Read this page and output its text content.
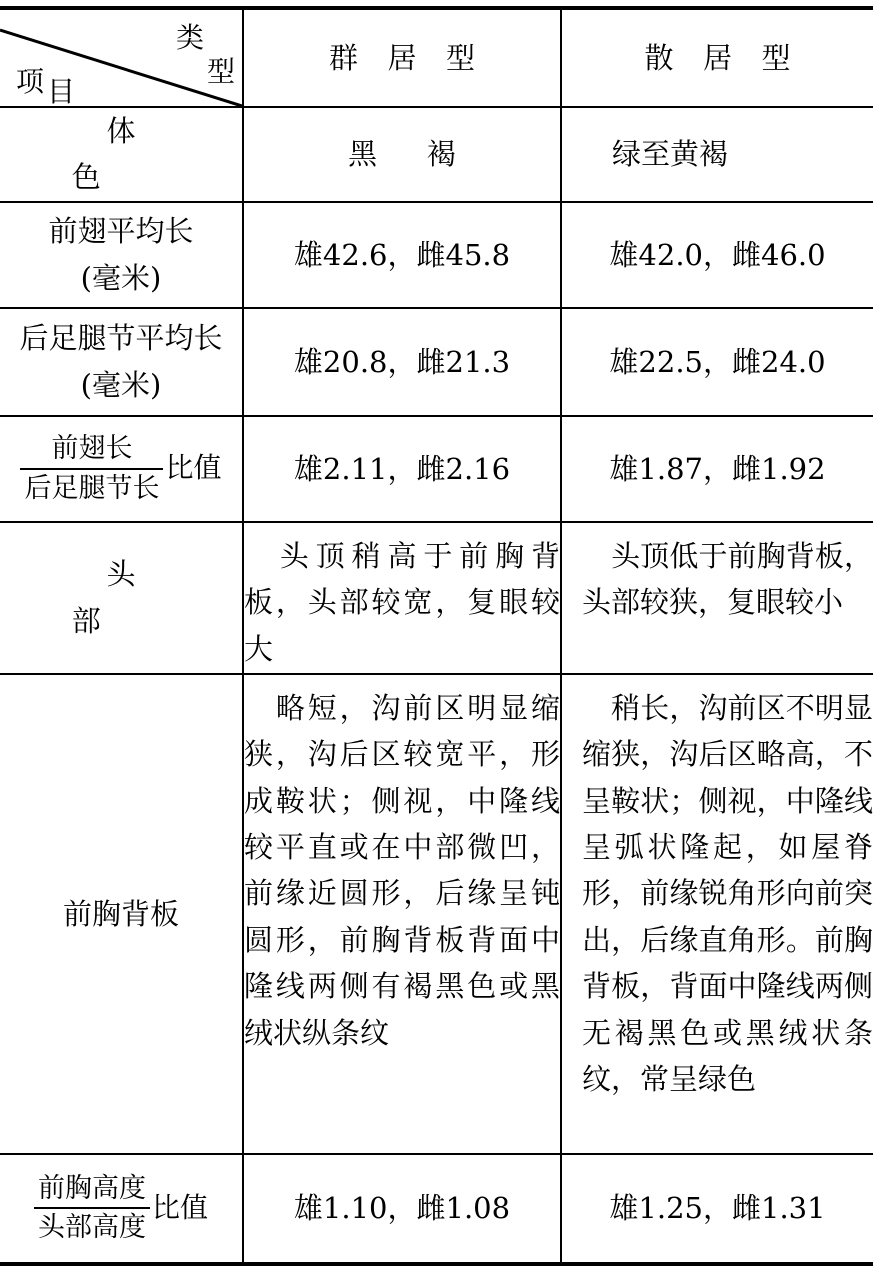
类
型
项 目	群 居 型	散 居 型
体色	黑 褐	绿至黄褐

前翅平均长
(毫米)	雄42.6，雌45.8	雄42.0，雌46.0

后足腿节平均长
(毫米)	雄20.8，雌21.3	雄22.5，雌24.0

$\frac{\text{前翅长}}{\text{后足腿节长}}$ 比值	雄2.11，雌2.16	雄1.87，雌1.92
头部	头顶稍高于前胸背板，头部较宽，复眼较大	头顶低于前胸背板，头部较狭，复眼较小
前胸背板	略短，沟前区明显缩狭，沟后区较宽平，形成鞍状；侧视，中隆线较平直或在中部微凹，前缘近圆形，后缘呈钝圆形，前胸背板背面中隆线两侧有褐黑色或黑绒状纵条纹	稍长，沟前区不明显缩狭，沟后区略高，不呈鞍状；侧视，中隆线呈弧状隆起，如屋脊形，前缘锐角形向前突出，后缘直角形。前胸背板，背面中隆线两侧无褐黑色或黑绒状条纹，常呈绿色

$\frac{\text{前胸高度}}{\text{头部高度}}$ 比值	雄1.10，雌1.08	雄1.25，雌1.31
